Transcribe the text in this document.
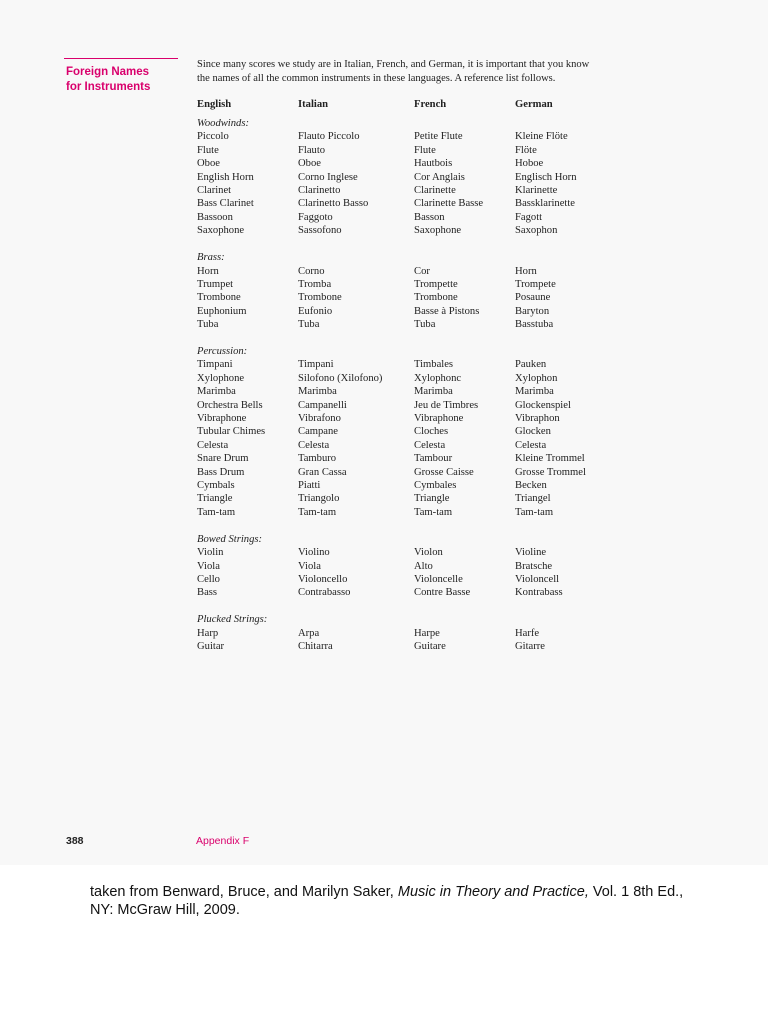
Foreign Names
for Instruments
Since many scores we study are in Italian, French, and German, it is important that you know
the names of all the common instruments in these languages. A reference list follows.
English	Italian	French	German
Woodwinds:
Piccolo	Flauto Piccolo	Petite Flute	Kleine Flöte
Flute	Flauto	Flute	Flöte
Oboe	Oboe	Hautbois	Hoboe
English Horn	Corno Inglese	Cor Anglais	Englisch Horn
Clarinet	Clarinetto	Clarinette	Klarinette
Bass Clarinet	Clarinetto Basso	Clarinette Basse	Bassklarinette
Bassoon	Faggoto	Basson	Fagott
Saxophone	Sassofono	Saxophone	Saxophon
Brass:
Horn	Corno	Cor	Horn
Trumpet	Tromba	Trompette	Trompete
Trombone	Trombone	Trombone	Posaune
Euphonium	Eufonio	Basse à Pistons	Baryton
Tuba	Tuba	Tuba	Basstuba
Percussion:
Timpani	Timpani	Timbales	Pauken
Xylophone	Silofono (Xilofono)	Xylophonc	Xylophon
Marimba	Marimba	Marimba	Marimba
Orchestra Bells	Campanelli	Jeu de Timbres	Glockenspiel
Vibraphone	Vibrafono	Vibraphone	Vibraphon
Tubular Chimes	Campane	Cloches	Glocken
Celesta	Celesta	Celesta	Celesta
Snare Drum	Tamburo	Tambour	Kleine Trommel
Bass Drum	Gran Cassa	Grosse Caisse	Grosse Trommel
Cymbals	Piatti	Cymbales	Becken
Triangle	Triangolo	Triangle	Triangel
Tam-tam	Tam-tam	Tam-tam	Tam-tam
Bowed Strings:
Violin	Violino	Violon	Violine
Viola	Viola	Alto	Bratsche
Cello	Violoncello	Violoncelle	Violoncell
Bass	Contrabasso	Contre Basse	Kontrabass
Plucked Strings:
Harp	Arpa	Harpe	Harfe
Guitar	Chitarra	Guitare	Gitarre
388	Appendix F
taken from Benward, Bruce, and Marilyn Saker, Music in Theory and Practice, Vol. 1 8th Ed.,
NY: McGraw Hill, 2009.
